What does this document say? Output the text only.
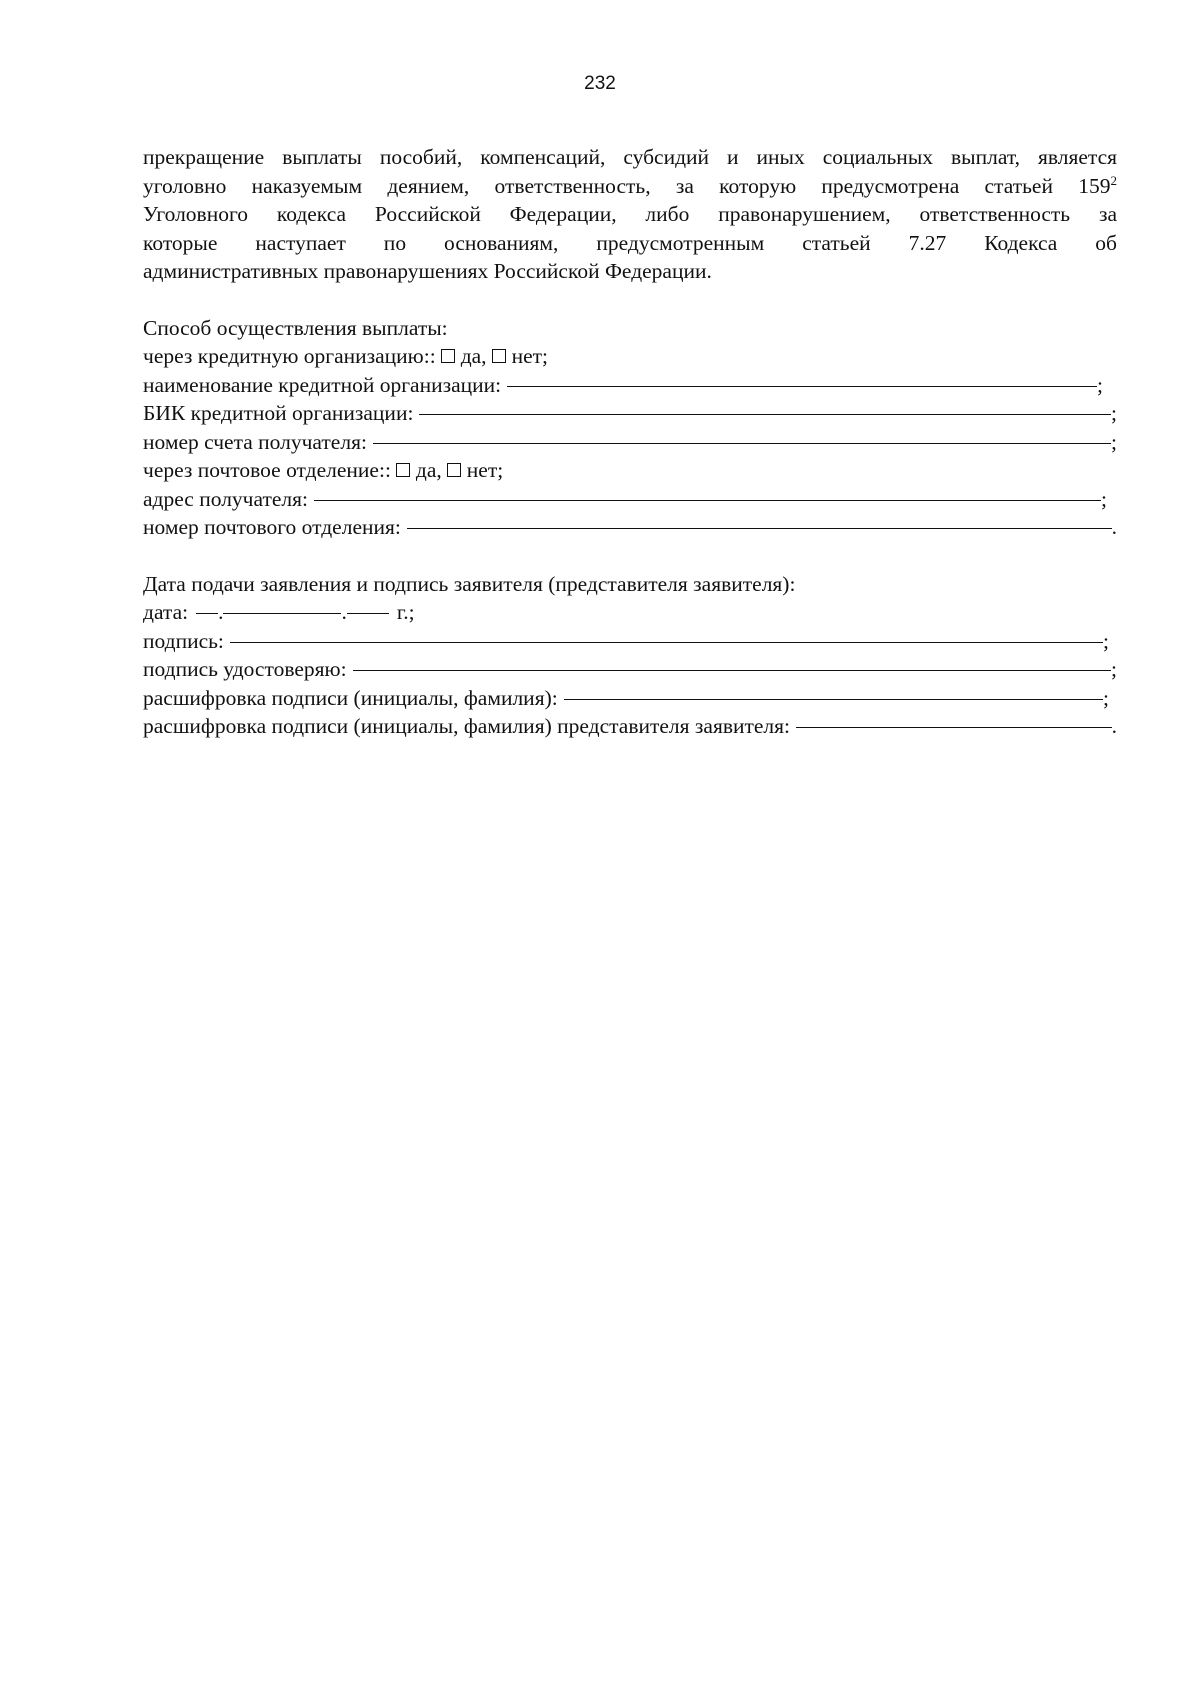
232
прекращение выплаты пособий, компенсаций, субсидий и иных социальных выплат, является
уголовно наказуемым деянием, ответственность, за которую предусмотрена статьей $159^2$
Уголовного кодекса Российской Федерации, либо правонарушением, ответственность за
которые наступает по основаниям, предусмотренным статьей 7.27 Кодекса об
административных правонарушениях Российской Федерации.
Способ осуществления выплаты:
через кредитную организацию:: да, нет;
наименование кредитной организации:	;
БИК кредитной организации:	;
номер счета получателя:	;
через почтовое отделение:: да, нет;
адрес получателя:	;
номер почтового отделения:	.
Дата подачи заявления и подпись заявителя (представителя заявителя):
дата: .	. г.;
подпись:	;
подпись удостоверяю:	;
расшифровка подписи (инициалы, фамилия):	;
расшифровка подписи (инициалы, фамилия) представителя заявителя:	.
